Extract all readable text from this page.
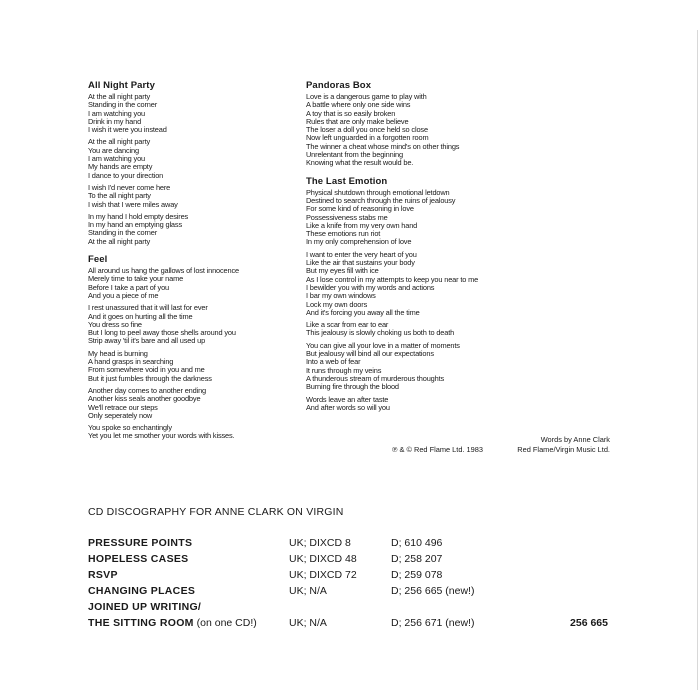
All Night Party
At the all night party
Standing in the corner
I am watching you
Drink in my hand
I wish it were you instead
At the all night party
You are dancing
I am watching you
My hands are empty
I dance to your direction
I wish I'd never come here
To the all night party
I wish that I were miles away
In my hand I hold empty desires
In my hand an emptying glass
Standing in the corner
At the all night party
Feel
All around us hang the gallows of lost innocence
Merely time to take your name
Before I take a part of you
And you a piece of me
I rest unassured that it will last for ever
And it goes on hurting all the time
You dress so fine
But I long to peel away those shells around you
Strip away 'til it's bare and all used up
My head is burning
A hand grasps in searching
From somewhere void in you and me
But it just fumbles through the darkness
Another day comes to another ending
Another kiss seals another goodbye
We'll retrace our steps
Only seperately now
You spoke so enchantingly
Yet you let me smother your words with kisses.
Pandoras Box
Love is a dangerous game to play with
A battle where only one side wins
A toy that is so easily broken
Rules that are only make believe
The loser a doll you once held so close
Now left unguarded in a forgotten room
The winner a cheat whose mind's on other things
Unrelentant from the beginning
Knowing what the result would be.
The Last Emotion
Physical shutdown through emotional letdown
Destined to search through the ruins of jealousy
For some kind of reasoning in love
Possessiveness stabs me
Like a knife from my very own hand
These emotions run riot
In my only comprehension of love
I want to enter the very heart of you
Like the air that sustains your body
But my eyes fill with ice
As I lose control in my attempts to keep you near to me
I bewilder you with my words and actions
I bar my own windows
Lock my own doors
And it's forcing you away all the time
Like a scar from ear to ear
This jealousy is slowly choking us both to death
You can give all your love in a matter of moments
But jealousy will bind all our expectations
Into a web of fear
It runs through my veins
A thunderous stream of murderous thoughts
Burning fire through the blood
Words leave an after taste
And after words so will you
Words by Anne Clark
℗ & © Red Flame Ltd. 1983	Red Flame/Virgin Music Ltd.
CD DISCOGRAPHY FOR ANNE CLARK ON VIRGIN
PRESSURE POINTS	UK; DIXCD 8	D; 610 496
HOPELESS CASES	UK; DIXCD 48	D; 258 207
RSVP	UK; DIXCD 72	D; 259 078
CHANGING PLACES	UK; N/A	D; 256 665 (new!)
JOINED UP WRITING/
THE SITTING ROOM (on one CD!)	UK; N/A	D; 256 671 (new!)	256 665
